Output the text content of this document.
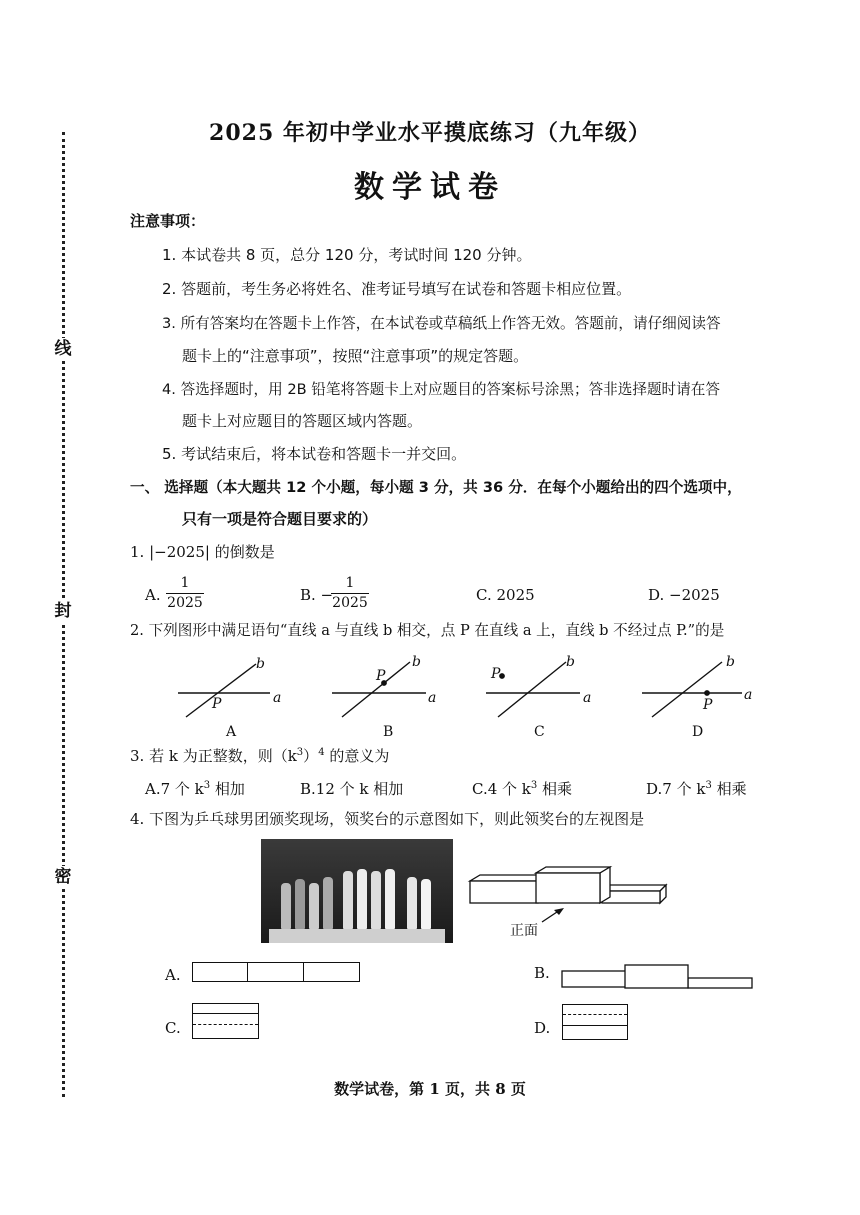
线
封
密
2025 年初中学业水平摸底练习（九年级）
数学试卷
注意事项：
1. 本试卷共 8 页，总分 120 分，考试时间 120 分钟。
2. 答题前，考生务必将姓名、准考证号填写在试卷和答题卡相应位置。
3. 所有答案均在答题卡上作答，在本试卷或草稿纸上作答无效。答题前，请仔细阅读答
题卡上的“注意事项”，按照“注意事项”的规定答题。
4. 答选择题时，用 2B 铅笔将答题卡上对应题目的答案标号涂黑；答非选择题时请在答
题卡上对应题目的答题区域内答题。
5. 考试结束后，将本试卷和答题卡一并交回。
一、 选择题（本大题共 12 个小题，每小题 3 分，共 36 分．在每个小题给出的四个选项中，
只有一项是符合题目要求的）
1. |−2025| 的倒数是
A.
1
2025	B. −
1
2025	C. 2025	D. −2025
2. 下列图形中满足语句“直线 a 与直线 b 相交，点 P 在直线 a 上，直线 b 不经过点 P.”的是
P	a
b
P
a
b
P
a
b
P
a
b
A	B	C	D
3. 若 k 为正整数，则$(k^3)^4$ 的意义为
A.7 个 $k^3$ 相加	B.12 个 k 相加	C.4 个 $k^3$ 相乘	D.7 个 $k^3$ 相乘
4. 下图为乒乓球男团颁奖现场，领奖台的示意图如下，则此领奖台的左视图是
正面
A.	B.
C.	D.
数学试卷，第 1 页，共 8 页
